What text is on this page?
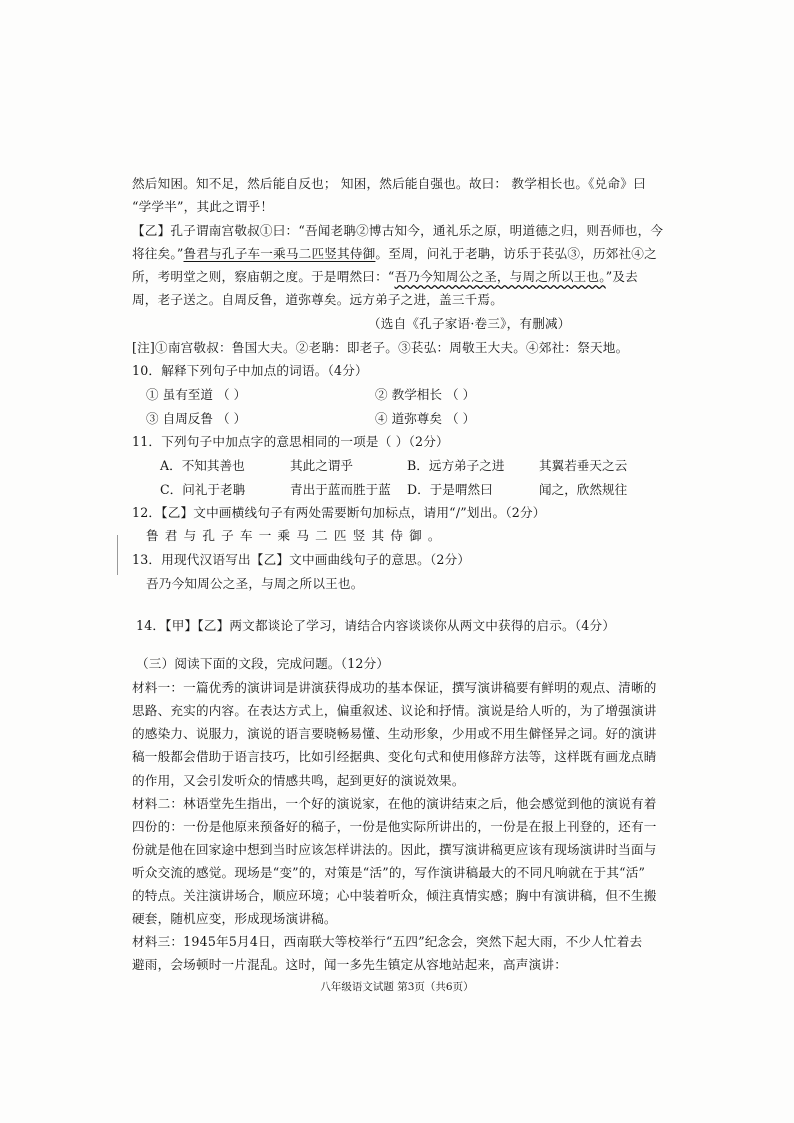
然后知困。知不足，然后能自反也； 知困，然后能自强也。故曰： 教学相长也。《兑命》曰
“学学半”，其此之谓乎！
【乙】孔子谓南宫敬叔①曰：“吾闻老聃②博古知今，通礼乐之原，明道德之归，则吾师也，今
将往矣。”鲁君与孔子车一乘马二匹竖其侍御。至周，问礼于老聃，访乐于苌弘③，历郊社④之
所，考明堂之则，察庙朝之度。于是喟然曰：“吾乃今知周公之圣，与周之所以王也。”及去
周，老子送之。自周反鲁，道弥尊矣。远方弟子之进，盖三千焉。
（选自《孔子家语·卷三》，有删减）
[注]①南宫敬叔：鲁国大夫。②老聃：即老子。③苌弘：周敬王大夫。④郊社：祭天地。
10．解释下列句子中加点的词语。（4分）
① 虽有至道 （ ）	② 教学相长 （ ）
③ 自周反鲁 （ ）	④ 道弥尊矣 （ ）
11．下列句子中加点字的意思相同的一项是（ ）（2分）
A．不知其善也	其此之谓乎	B．远方弟子之进	其翼若垂天之云
C．问礼于老聃	青出于蓝而胜于蓝 D．于是喟然曰	闻之，欣然规往
12．【乙】文中画横线句子有两处需要断句加标点，请用“/”划出。（2分）
鲁君与孔子车一乘马二匹竖其侍御。
13．用现代汉语写出【乙】文中画曲线句子的意思。（2分）
吾乃今知周公之圣，与周之所以王也。
14．【甲】【乙】两文都谈论了学习，请结合内容谈谈你从两文中获得的启示。（4分）
（三）阅读下面的文段，完成问题。（12分）
材料一：一篇优秀的演讲词是讲演获得成功的基本保证，撰写演讲稿要有鲜明的观点、清晰的
思路、充实的内容。在表达方式上，偏重叙述、议论和抒情。演说是给人听的，为了增强演讲
的感染力、说服力，演说的语言要晓畅易懂、生动形象，少用或不用生僻怪异之词。好的演讲
稿一般都会借助于语言技巧，比如引经据典、变化句式和使用修辞方法等，这样既有画龙点睛
的作用，又会引发听众的情感共鸣，起到更好的演说效果。
材料二：林语堂先生指出，一个好的演说家，在他的演讲结束之后，他会感觉到他的演说有着
四份的：一份是他原来预备好的稿子，一份是他实际所讲出的，一份是在报上刊登的，还有一
份就是他在回家途中想到当时应该怎样讲法的。因此，撰写演讲稿更应该有现场演讲时当面与
听众交流的感觉。现场是“变”的，对策是“活”的，写作演讲稿最大的不同凡响就在于其“活”
的特点。关注演讲场合，顺应环境；心中装着听众，倾注真情实感；胸中有演讲稿，但不生搬
硬套，随机应变，形成现场演讲稿。
材料三：1945年5月4日，西南联大等校举行“五四”纪念会，突然下起大雨，不少人忙着去
避雨，会场顿时一片混乱。这时，闻一多先生镇定从容地站起来，高声演讲：
八年级语文试题 第3页（共6页）
